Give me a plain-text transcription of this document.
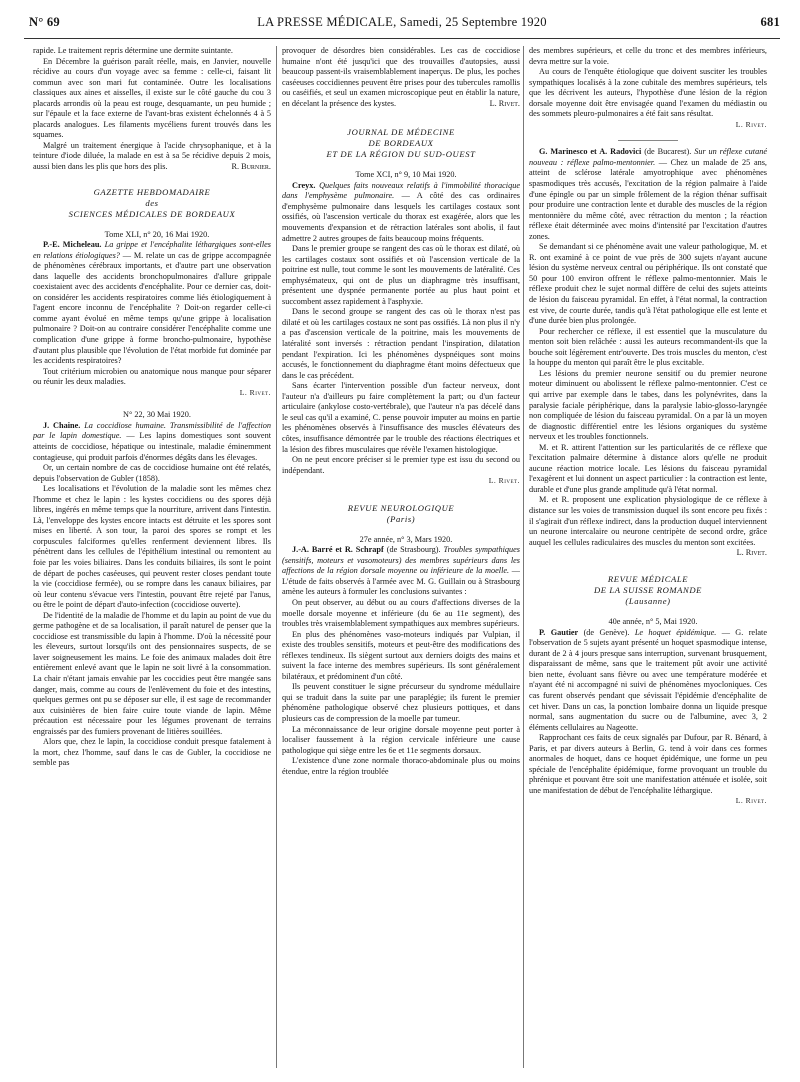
N° 69	LA PRESSE MÉDICALE, Samedi, 25 Septembre 1920	681

rapide. Le traitement repris détermine une dermite suintante.

En Décembre la guérison paraît réelle, mais, en Janvier, nouvelle récidive au cours d'un voyage avec sa femme : celle-ci, faisant lit commun avec son mari fut contaminée. Outre les localisations classiques aux aines et aisselles, il existe sur le côté gauche du cou 3 placards arrondis où la peau est rouge, desquamante, un peu humide ; sur l'épaule et la face externe de l'avant-bras existent échelonnés 4 à 5 placards analogues. Les filaments mycéliens furent trouvés dans les squames.

Malgré un traitement énergique à l'acide chrysophanique, et à la teinture d'iode diluée, la malade en est à sa 5e récidive depuis 2 mois, aussi bien dans les plis que hors des plis.	R. Burnier.

GAZETTE HEBDOMADAIRE
des
SCIENCES MÉDICALES DE BORDEAUX

Tome XLI, n° 20, 16 Mai 1920.

P.-E. Micheleau. La grippe et l'encéphalite léthargiques sont-elles en relations étiologiques? — M. relate un cas de grippe accompagnée de phénomènes cérébraux importants, et d'autre part une observation dans laquelle des accidents bronchopulmonaires d'allure grippale coexistaient avec des accidents d'encéphalite. Pour ce dernier cas, doit-on considérer les accidents respiratoires comme liés étiologiquement à l'agent encore inconnu de l'encéphalite ? Doit-on regarder celle-ci comme ayant évolué en même temps qu'une grippe à localisation pulmonaire ? Doit-on au contraire considérer l'encéphalite comme une complication d'une grippe à forme broncho-pulmonaire, hypothèse d'autant plus plausible que l'évolution de l'état morbide fut dominée par les accidents respiratoires?

Tout critérium microbien ou anatomique nous manque pour séparer ou réunir les deux maladies.

L. Rivet.

N° 22, 30 Mai 1920.

J. Chaine. La coccidiose humaine. Transmissibilité de l'affection par le lapin domestique. — Les lapins domestiques sont souvent atteints de coccidiose, hépatique ou intestinale, maladie éminemment contagieuse, qui produit parfois d'énormes dégâts dans les élevages.

Or, un certain nombre de cas de coccidiose humaine ont été relatés, depuis l'observation de Gubler (1858).

Les localisations et l'évolution de la maladie sont les mêmes chez l'homme et chez le lapin : les kystes coccidiens ou des spores déjà libres, ingérés en même temps que la nourriture, arrivent dans l'intestin. Là, l'enveloppe des kystes encore intacts est détruite et les spores sont mises en liberté. A son tour, la paroi des spores se rompt et les corpuscules falciformes qu'elles renferment deviennent libres. Ils pénètrent dans les cellules de l'épithélium intestinal ou remontent au foie par les voies biliaires. Dans les conduits biliaires, ils sont le point de départ de poches caséeuses, qui peuvent rester closes pendant toute la vie (coccidiose fermée), ou se rompre dans les canaux biliaires, par où leur contenu s'évacue vers l'intestin, pouvant être rejeté par l'anus, ou être le point de départ d'auto-infection (coccidiose ouverte).

De l'identité de la maladie de l'homme et du lapin au point de vue du germe pathogène et de sa localisation, il paraît naturel de penser que la coccidiose est transmissible du lapin à l'homme. D'où la nécessité pour les éleveurs, surtout lorsqu'ils ont des pensionnaires suspects, de se laver soigneusement les mains. Le foie des animaux malades doit être entièrement enlevé avant que le lapin ne soit livré à la consommation. La chair n'étant jamais envahie par les coccidies peut être mangée sans danger, mais, comme au cours de l'enlèvement du foie et des intestins, quelques germes ont pu se déposer sur elle, il est sage de recommander aux cuisinières de bien faire cuire toute viande de lapin. Même précaution est nécessaire pour les légumes provenant de terrains engraissés par des fumiers provenant de litières souillées.

Alors que, chez le lapin, la coccidiose conduit presque fatalement à la mort, chez l'homme, sauf dans le cas de Gubler, la coccidiose ne semble pas

provoquer de désordres bien considérables. Les cas de coccidiose humaine n'ont été jusqu'ici que des trouvailles d'autopsies, aussi beaucoup passent-ils vraisemblablement inaperçus. De plus, les poches caséeuses coccidiennes peuvent être prises pour des tubercules ramollis ou caséifiés, et seul un examen microscopique peut en établir la nature, en décelant la présence des kystes.	L. Rivet.

JOURNAL DE MÉDECINE
DE BORDEAUX
ET DE LA RÉGION DU SUD-OUEST

Tome XCI, n° 9, 10 Mai 1920.

Creyx. Quelques faits nouveaux relatifs à l'immobilité thoracique dans l'emphysème pulmonaire. — A côté des cas ordinaires d'emphysème pulmonaire dans lesquels les cartilages costaux sont ossifiés, où l'ascension verticale du thorax est exagérée, alors que les mouvements d'expansion et de rétraction latérales sont abolis, il faut admettre 2 autres groupes de faits beaucoup moins fréquents.

Dans le premier groupe se rangent des cas où le thorax est dilaté, où les cartilages costaux sont ossifiés et où l'ascension verticale de la poitrine est nulle, tout comme le sont les mouvements de latéralité. Ces emphysémateux, qui ont de plus un diaphragme très insuffisant, présentent une dyspnée permanente portée au plus haut point et succombent assez rapidement à l'asphyxie.

Dans le second groupe se rangent des cas où le thorax n'est pas dilaté et où les cartilages costaux ne sont pas ossifiés. Là non plus il n'y a pas d'ascension verticale de la poitrine, mais les mouvements de latéralité sont inversés : rétraction pendant l'inspiration, dilatation pendant l'expiration. Ici les phénomènes dyspnéiques sont moins accusés, le fonctionnement du diaphragme étant moins défectueux que dans le cas précédent.

Sans écarter l'intervention possible d'un facteur nerveux, dont l'auteur n'a d'ailleurs pu faire complètement la part; ou d'un facteur articulaire (ankylose costo-vertébrale), que l'auteur n'a pas décelé dans le seul cas qu'il a examiné, C. pense pouvoir imputer au moins en partie les phénomènes observés à l'insuffisance des muscles élévateurs des côtes, insuffisance démontrée par le trouble des réactions électriques et la lésion des fibres musculaires que révèle l'examen histologique.

On ne peut encore préciser si le premier type est issu du second ou indépendant.

L. Rivet.

REVUE NEUROLOGIQUE
(Paris)

27e année, n° 3, Mars 1920.

J.-A. Barré et R. Schrapf (de Strasbourg). Troubles sympathiques (sensitifs, moteurs et vasomoteurs) des membres supérieurs dans les affections de la région dorsale moyenne ou inférieure de la moelle. — L'étude de faits observés à l'armée avec M. G. Guillain ou à Strasbourg amène les auteurs à formuler les conclusions suivantes :

On peut observer, au début ou au cours d'affections diverses de la moelle dorsale moyenne et inférieure (du 6e au 11e segment), des troubles très vraisemblablement sympathiques aux membres supérieurs.

En plus des phénomènes vaso-moteurs indiqués par Vulpian, il existe des troubles sensitifs, moteurs et peut-être des modifications des réflexes tendineux. Ils siègent surtout aux derniers doigts des mains et suivent la face interne des membres supérieurs. Ils sont généralement bilatéraux, et prédominent d'un côté.

Ils peuvent constituer le signe précurseur du syndrome médullaire qui se traduit dans la suite par une paraplégie; ils furent le premier phénomène pathologique observé chez plusieurs pottiques, et dans plusieurs cas de compression de la moelle par tumeur.

La méconnaissance de leur origine dorsale moyenne peut porter à localiser faussement à la région cervicale inférieure une cause pathologique qui siège entre les 6e et 11e segments dorsaux.

L'existence d'une zone normale thoraco-abdominale plus ou moins étendue, entre la région troublée

des membres supérieurs, et celle du tronc et des membres inférieurs, devra mettre sur la voie.

Au cours de l'enquête étiologique que doivent susciter les troubles sympathiques localisés à la zone cubitale des membres supérieurs, tels que les décrivent les auteurs, l'hypothèse d'une lésion de la région dorsale moyenne doit être envisagée quand l'examen du médiastin ou des sommets pleuro-pulmonaires a été fait sans résultat.

L. Rivet.

G. Marinesco et A. Radovici (de Bucarest). Sur un réflexe cutané nouveau : réflexe palmo-mentonnier. — Chez un malade de 25 ans, atteint de sclérose latérale amyotrophique avec phénomènes spasmodiques très accusés, l'excitation de la région palmaire à l'aide d'une épingle ou par un simple frôlement de la région thénar suffisait pour produire une contraction lente et durable des muscles de la région mentonnière du même côté, avec rétraction du menton ; la réaction réflexe était déterminée avec moins d'intensité par l'excitation d'autres zones.

Se demandant si ce phénomène avait une valeur pathologique, M. et R. ont examiné à ce point de vue près de 300 sujets n'ayant aucune lésion du système nerveux central ou périphérique. Ils ont constaté que 50 pour 100 environ offrent le réflexe palmo-mentonnier. Mais le réflexe produit chez le sujet normal diffère de celui des sujets atteints de lésion du faisceau pyramidal. En effet, à l'état normal, la contraction est vive, de courte durée, tandis qu'à l'état pathologique elle est lente et d'une durée bien plus prolongée.

Pour rechercher ce réflexe, il est essentiel que la musculature du menton soit bien relâchée : aussi les auteurs recommandent-ils que la bouche soit légèrement entr'ouverte. Des trois muscles du menton, c'est la houppe du menton qui paraît être le plus excitable.

Les lésions du premier neurone sensitif ou du premier neurone moteur diminuent ou abolissent le réflexe palmo-mentonnier. C'est ce qui arrive par exemple dans le tabes, dans les polynévrites, dans la paralysie faciale périphérique, dans la paralysie labio-glosso-laryngée non compliquée de lésion du faisceau pyramidal. On a par là un moyen de diagnostic différentiel entre les lésions organiques du système nerveux et les troubles fonctionnels.

M. et R. attirent l'attention sur les particularités de ce réflexe que l'excitation palmaire détermine à distance alors qu'elle ne produit aucune réaction motrice locale. Les lésions du faisceau pyramidal l'exagèrent et lui donnent un aspect particulier : la contraction est lente, durable et d'une plus grande amplitude qu'à l'état normal.

M. et R. proposent une explication physiologique de ce réflexe à distance sur les voies de transmission duquel ils sont encore peu fixés : il s'agirait d'un réflexe indirect, dans la production duquel interviennent un neurone intercalaire ou neurone centripète de second ordre, grâce auquel les cellules radiculaires des muscles du menton sont excitées.
L. Rivet.

REVUE MÉDICALE
DE LA SUISSE ROMANDE
(Lausanne)

40e année, n° 5, Mai 1920.

P. Gautier (de Genève). Le hoquet épidémique. — G. relate l'observation de 5 sujets ayant présenté un hoquet spasmodique intense, durant de 2 à 4 jours presque sans interruption, survenant brusquement, disparaissant de même, sans que le traitement pût avoir une activité bien nette, évoluant sans fièvre ou avec une température modérée et n'ayant été ni accompagné ni suivi de phénomènes myocloniques. Ces cas furent observés pendant que sévissait l'épidémie d'encéphalite de cet hiver. Dans un cas, la ponction lombaire donna un liquide presque normal, sans augmentation du sucre ou de l'albumine, avec 3, 2 éléments cellulaires au Nageotte.

Rapprochant ces faits de ceux signalés par Dufour, par R. Bénard, à Paris, et par divers auteurs à Berlin, G. tend à voir dans ces formes anormales de hoquet, dans ce hoquet épidémique, une forme un peu spéciale de l'encéphalite épidémique, forme provoquant un trouble du phrénique et pouvant être soit une manifestation atténuée et isolée, soit une manifestation de début de l'encéphalite léthargique.

L. Rivet.
